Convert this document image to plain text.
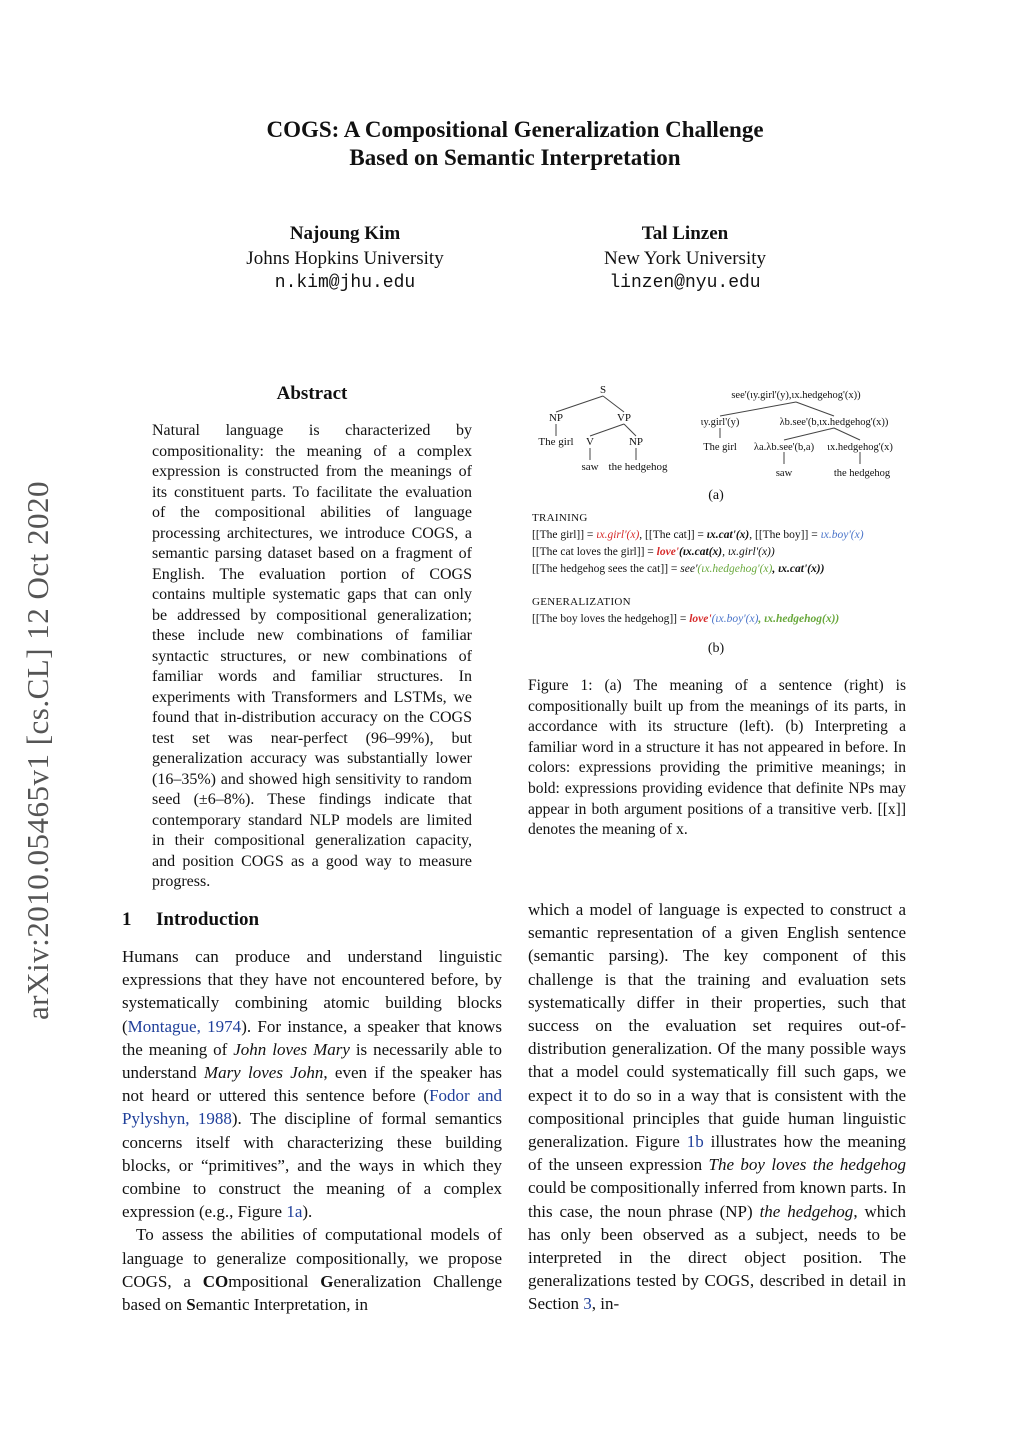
arXiv:2010.05465v1 [cs.CL] 12 Oct 2020
COGS: A Compositional Generalization Challenge
Based on Semantic Interpretation
Najoung Kim
Johns Hopkins University
n.kim@jhu.edu
Tal Linzen
New York University
linzen@nyu.edu
Abstract
Natural language is characterized by compositionality: the meaning of a complex expression is constructed from the meanings of its constituent parts. To facilitate the evaluation of the compositional abilities of language processing architectures, we introduce COGS, a semantic parsing dataset based on a fragment of English. The evaluation portion of COGS contains multiple systematic gaps that can only be addressed by compositional generalization; these include new combinations of familiar syntactic structures, or new combinations of familiar words and familiar structures. In experiments with Transformers and LSTMs, we found that in-distribution accuracy on the COGS test set was near-perfect (96–99%), but generalization accuracy was substantially lower (16–35%) and showed high sensitivity to random seed (±6–8%). These findings indicate that contemporary standard NLP models are limited in their compositional generalization capacity, and position COGS as a good way to measure progress.
1 Introduction

Humans can produce and understand linguistic expressions that they have not encountered before, by systematically combining atomic building blocks (Montague, 1974). For instance, a speaker that knows the meaning of John loves Mary is necessarily able to understand Mary loves John, even if the speaker has not heard or uttered this sentence before (Fodor and Pylyshyn, 1988). The discipline of formal semantics concerns itself with characterizing these building blocks, or “primitives”, and the ways in which they combine to construct the meaning of a complex expression (e.g., Figure 1a).

To assess the abilities of computational models of language to generalize compositionally, we propose COGS, a COmpositional Generalization Challenge based on Semantic Interpretation, in

which a model of language is expected to construct a semantic representation of a given English sentence (semantic parsing). The key component of this challenge is that the training and evaluation sets systematically differ in their properties, such that success on the evaluation set requires out-of-distribution generalization. Of the many possible ways that a model could systematically fill such gaps, we expect it to do so in a way that is consistent with the compositional principles that guide human linguistic generalization. Figure 1b illustrates how the meaning of the unseen expression The boy loves the hedgehog could be compositionally inferred from known parts. In this case, the noun phrase (NP) the hedgehog, which has only been observed as a subject, needs to be interpreted in the direct object position. The generalizations tested by COGS, described in detail in Section 3, in-
S
NP	VP
The girl V	NP
saw the hedgehog
see'(ιy.girl'(y),ιx.hedgehog'(x))
ιy.girl'(y)	λb.see'(b,ιx.hedgehog'(x))
The girl λa.λb.see'(b,a) ιx.hedgehog'(x)
saw	the hedgehog
(a)
TRAINING
[[The girl]] = ιx.girl'(x), [[The cat]] = ιx.cat'(x), [[The boy]] = ιx.boy'(x)
[[The cat loves the girl]] = love'(ιx.cat(x), ιx.girl'(x))
[[The hedgehog sees the cat]] = see'(ιx.hedgehog'(x), ιx.cat'(x))
GENERALIZATION
[[The boy loves the hedgehog]] = love'(ιx.boy'(x), ιx.hedgehog(x))
(b)
Figure 1: (a) The meaning of a sentence (right) is compositionally built up from the meanings of its parts, in accordance with its structure (left). (b) Interpreting a familiar word in a structure it has not appeared in before. In colors: expressions providing the primitive meanings; in bold: expressions providing evidence that definite NPs may appear in both argument positions of a transitive verb. [[x]] denotes the meaning of x.
